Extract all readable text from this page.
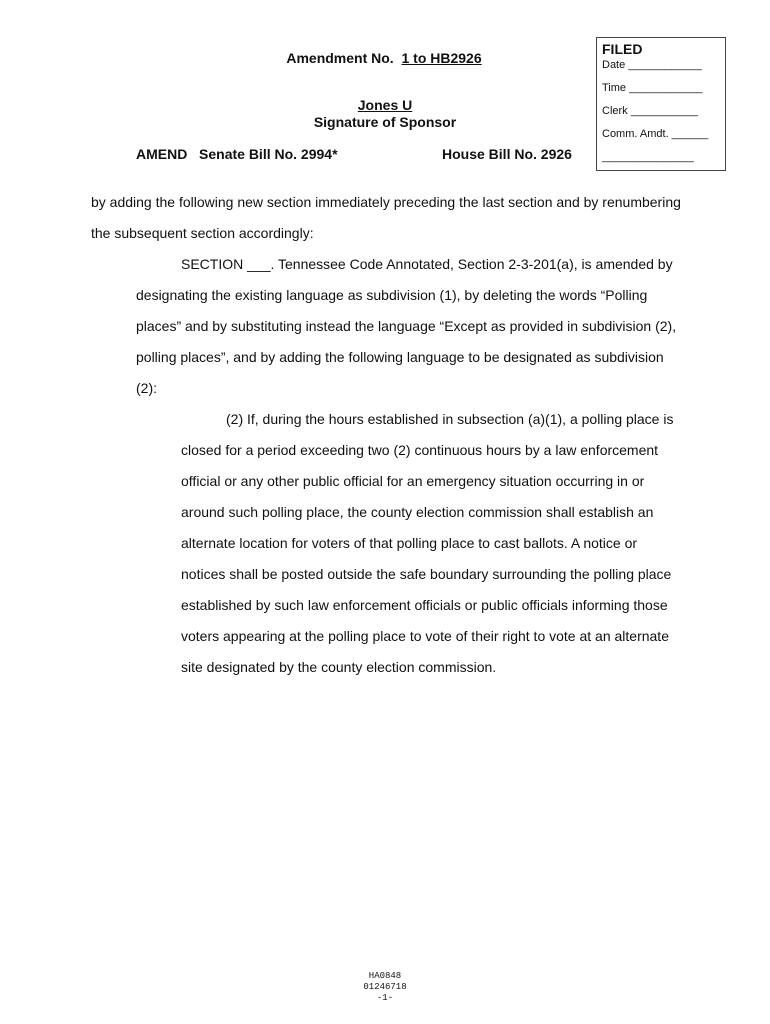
Amendment No. 1 to HB2926
Jones U
Signature of Sponsor
AMEND Senate Bill No. 2994*	House Bill No. 2926
FILED
Date ____________
Time ____________
Clerk ___________
Comm. Amdt. ______
_______________
by adding the following new section immediately preceding the last section and by renumbering
the subsequent section accordingly:
SECTION ___. Tennessee Code Annotated, Section 2-3-201(a), is amended by
designating the existing language as subdivision (1), by deleting the words “Polling
places” and by substituting instead the language “Except as provided in subdivision (2),
polling places”, and by adding the following language to be designated as subdivision
(2):
(2) If, during the hours established in subsection (a)(1), a polling place is
closed for a period exceeding two (2) continuous hours by a law enforcement
official or any other public official for an emergency situation occurring in or
around such polling place, the county election commission shall establish an
alternate location for voters of that polling place to cast ballots. A notice or
notices shall be posted outside the safe boundary surrounding the polling place
established by such law enforcement officials or public officials informing those
voters appearing at the polling place to vote of their right to vote at an alternate
site designated by the county election commission.
HA0848
01246718
-1-
